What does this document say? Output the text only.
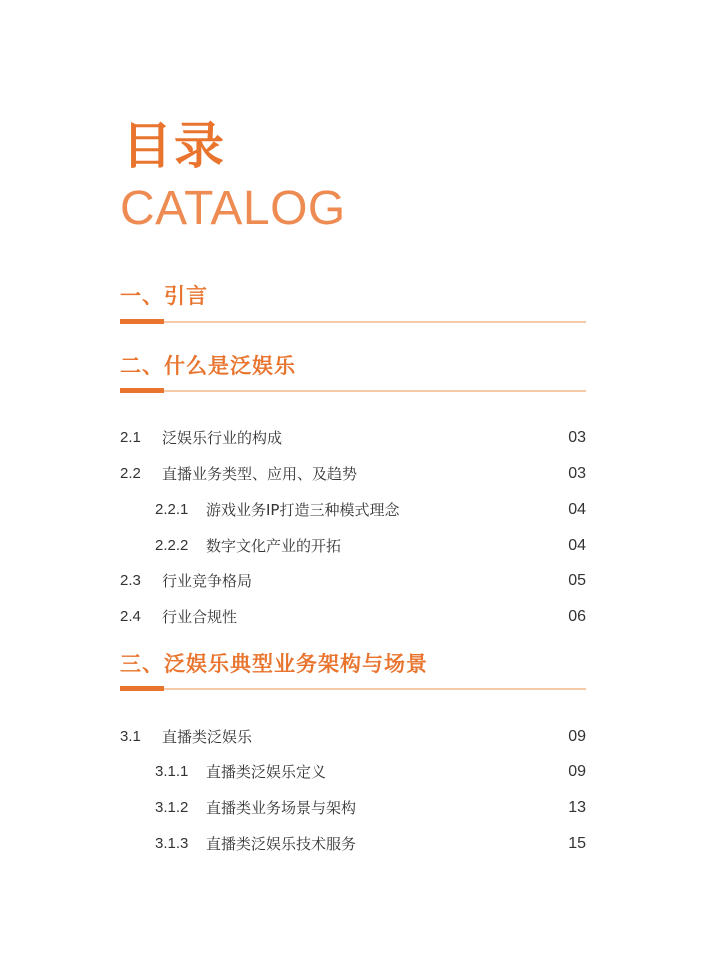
目录
CATALOG
一、引言
二、什么是泛娱乐
2.1 泛娱乐行业的构成	03
2.2 直播业务类型、应用、及趋势	03
2.2.1 游戏业务IP打造三种模式理念	04
2.2.2 数字文化产业的开拓	04
2.3 行业竞争格局	05
2.4 行业合规性	06
三、泛娱乐典型业务架构与场景
3.1 直播类泛娱乐	09
3.1.1 直播类泛娱乐定义	09
3.1.2 直播类业务场景与架构	13
3.1.3 直播类泛娱乐技术服务	15
